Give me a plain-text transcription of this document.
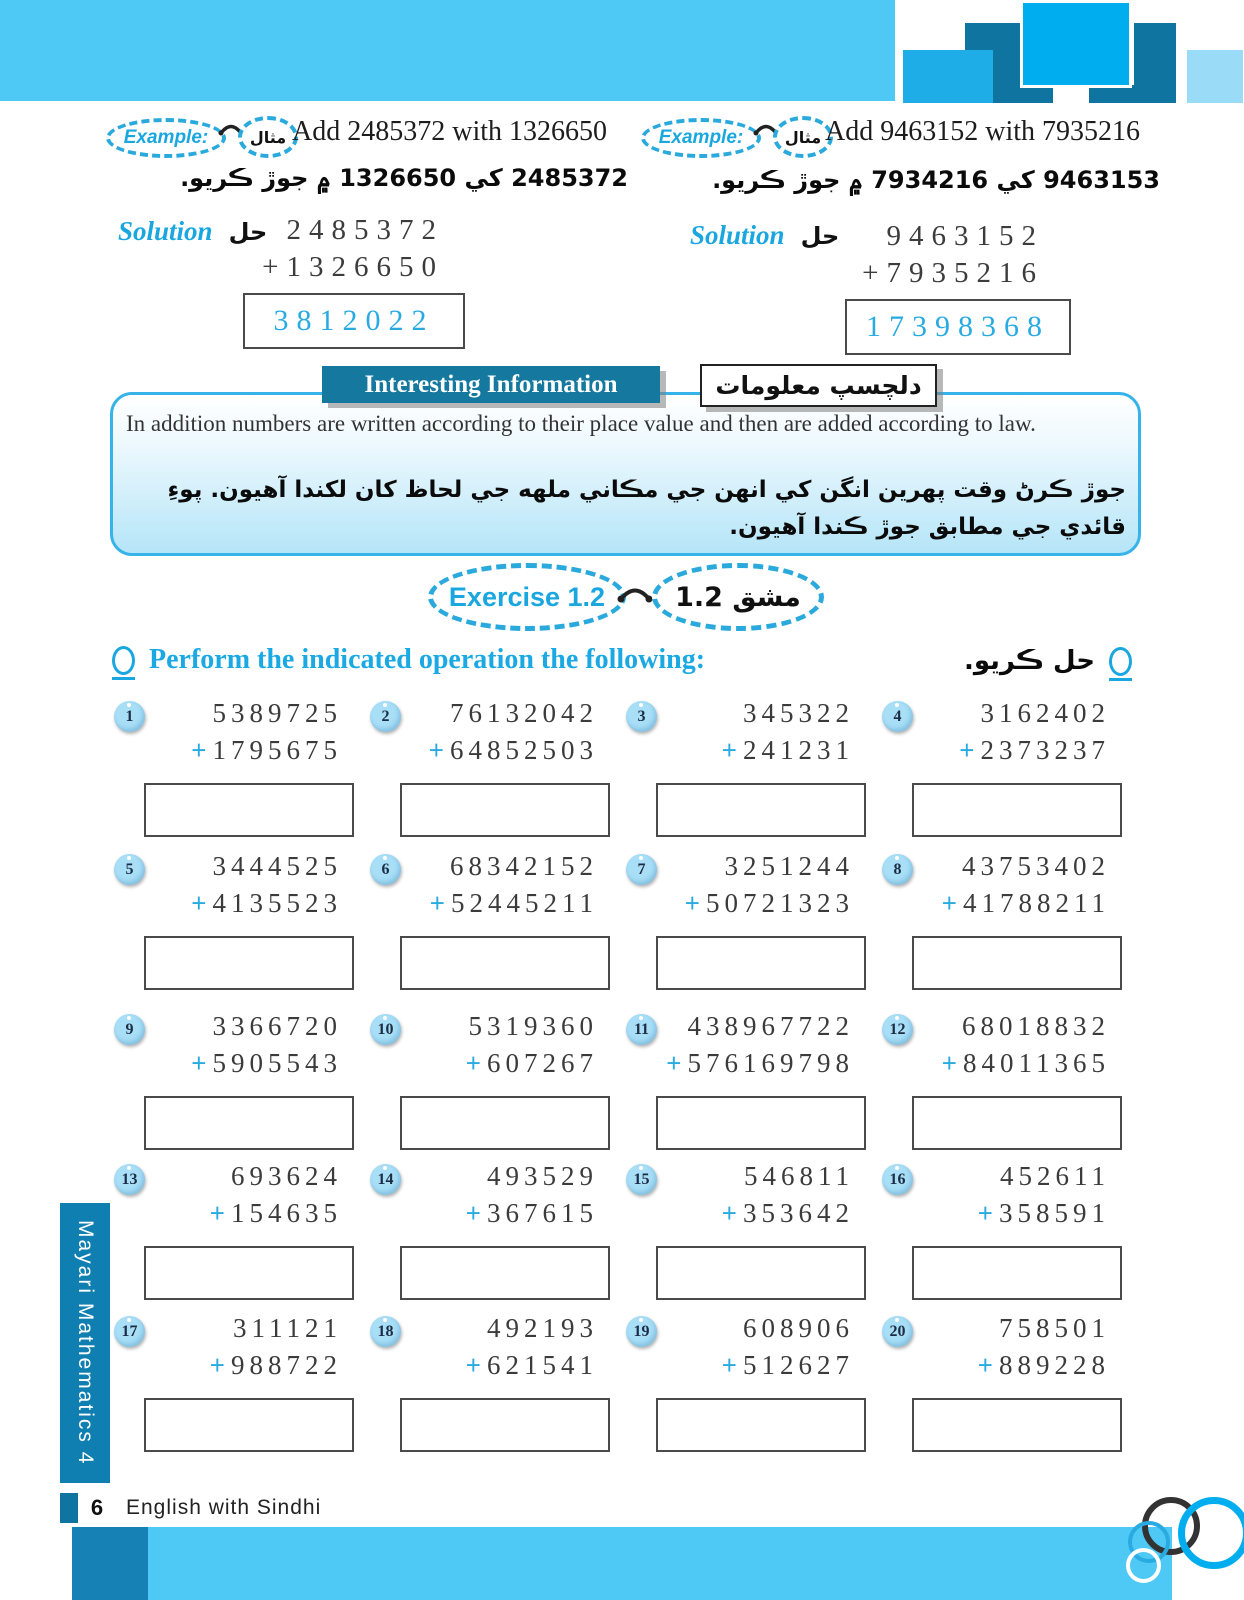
Example:	مثال Add 2485372 with 1326650
2485372 کي 1326650 ۾ جوڙ ڪريو.
Example:	مثال Add 9463152 with 7935216
9463153 کي 7934216 ۾ جوڙ ڪريو.
Solution حل 2485372
+ 1326650
3812022
Solution حل	9463152
+ 7935216
17398368
Interesting Information	دلچسپ معلومات
In addition numbers are written according to their place value and then are added according to law.
جوڙ ڪرڻ وقت پهرين انگن کي انهن جي مڪاني ملهه جي لحاظ کان لکندا آهيون. پوءِ قائدي جي مطابق جوڙ ڪندا آهيون.
Exercise 1.2	مشق 1.2
Perform the indicated operation the following:	حل ڪريو.
1	5389725
+ 1795675
2	76132042
+ 64852503
3	345322
+ 241231
4	3162402
+ 2373237
5	3444525
+ 4135523
6	68342152
+ 52445211
7	3251244
+ 50721323
8	43753402
+ 41788211
9	3366720
+ 5905543
10	5319360
+ 607267
11	438967722
+ 576169798
12	68018832
+ 84011365
13	693624
+ 154635
14	493529
+ 367615
15	546811
+ 353642
16	452611
+ 358591
17	311121
+ 988722
18	492193
+ 621541
19	608906
+ 512627
20	758501
+ 889228
Mayari Mathematics 4
6	English with Sindhi
